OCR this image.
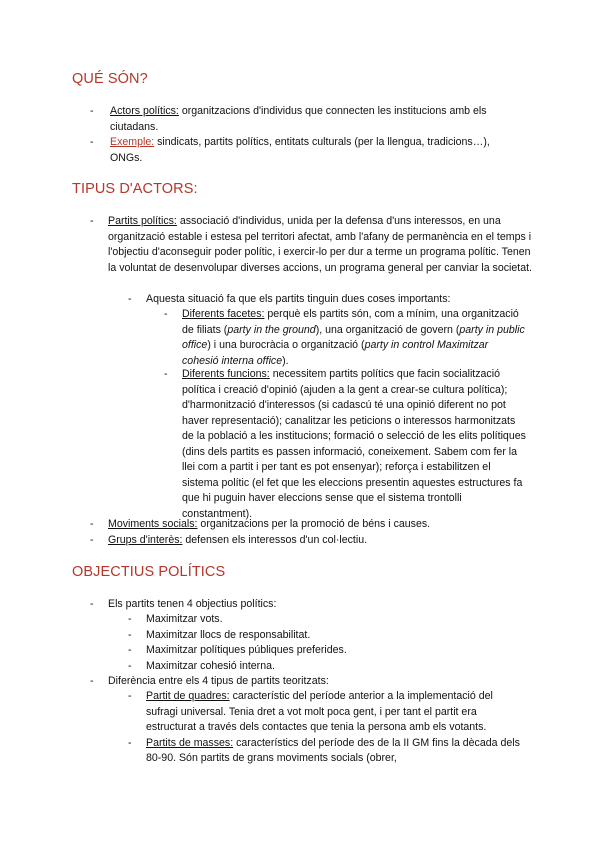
QUÉ SÓN?
- Actors polítics: organitzacions d'individus que connecten les institucions amb els ciutadans.
- Exemple: sindicats, partits polítics, entitats culturals (per la llengua, tradicions…), ONGs.
TIPUS D'ACTORS:
- Partits polítics: associació d'individus, unida per la defensa d'uns interessos, en una organització estable i estesa pel territori afectat, amb l'afany de permanència en el temps i l'objectiu d'aconseguir poder polític, i exercir-lo per dur a terme un programa polític. Tenen la voluntat de desenvolupar diverses accions, un programa general per canviar la societat.
- Aquesta situació fa que els partits tinguin dues coses importants:
- Diferents facetes: perquè els partits són, com a mínim, una organització de filiats (party in the ground), una organització de govern (party in public office) i una burocràcia o organització (party in control Maximitzar cohesió interna office).
- Diferents funcions: necessitem partits polítics que facin socialització política i creació d'opinió (ajuden a la gent a crear-se cultura política); d'harmonització d'interessos (si cadascú té una opinió diferent no pot haver representació); canalitzar les peticions o interessos harmonitzats de la població a les institucions; formació o selecció de les elits polítiques (dins dels partits es passen informació, coneixement. Sabem com fer la llei com a partit i per tant es pot ensenyar); reforça i estabilitzen el sistema polític (el fet que les eleccions presentin aquestes estructures fa que hi puguin haver eleccions sense que el sistema trontolli constantment).
- Moviments socials: organitzacions per la promoció de béns i causes.
- Grups d'interès: defensen els interessos d'un col·lectiu.
OBJECTIUS POLÍTICS
- Els partits tenen 4 objectius polítics:
- Maximitzar vots.
- Maximitzar llocs de responsabilitat.
- Maximitzar polítiques públiques preferides.
- Maximitzar cohesió interna.
- Diferència entre els 4 tipus de partits teoritzats:
- Partit de quadres: característic del període anterior a la implementació del sufragi universal. Tenia dret a vot molt poca gent, i per tant el partit era estructurat a través dels contactes que tenia la persona amb els votants.
- Partits de masses: característics del període des de la II GM fins la dècada dels 80-90. Són partits de grans moviments socials (obrer,
